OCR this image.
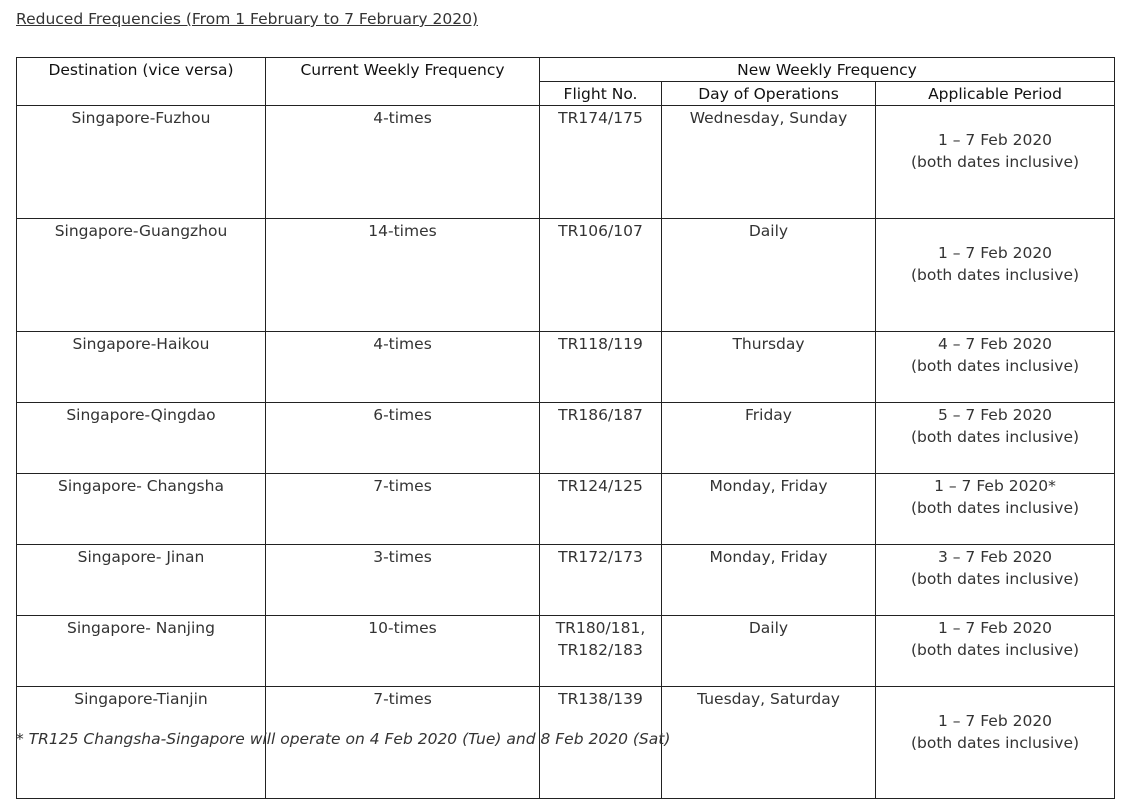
Reduced Frequencies (From 1 February to 7 February 2020)
Destination (vice versa)	Current Weekly Frequency	New Weekly Frequency		
		Flight No.	Day of Operations	Applicable Period
Singapore-Fuzhou	4-times	TR174/175	Wednesday, Sunday	1 – 7 Feb 2020
(both dates inclusive)

Singapore-Guangzhou	14-times	TR106/107	Daily	1 – 7 Feb 2020
(both dates inclusive)

Singapore-Haikou	4-times	TR118/119	Thursday	4 – 7 Feb 2020
(both dates inclusive)

Singapore-Qingdao	6-times	TR186/187	Friday	5 – 7 Feb 2020
(both dates inclusive)

Singapore- Changsha	7-times	TR124/125	Monday, Friday	1 – 7 Feb 2020*
(both dates inclusive)

Singapore- Jinan	3-times	TR172/173	Monday, Friday	3 – 7 Feb 2020
(both dates inclusive)

Singapore- Nanjing	10-times	TR180/181,
TR182/183	Daily	1 – 7 Feb 2020
(both dates inclusive)

Singapore-Tianjin	7-times	TR138/139	Tuesday, Saturday	1 – 7 Feb 2020
(both dates inclusive)
* TR125 Changsha-Singapore will operate on 4 Feb 2020 (Tue) and 8 Feb 2020 (Sat)
